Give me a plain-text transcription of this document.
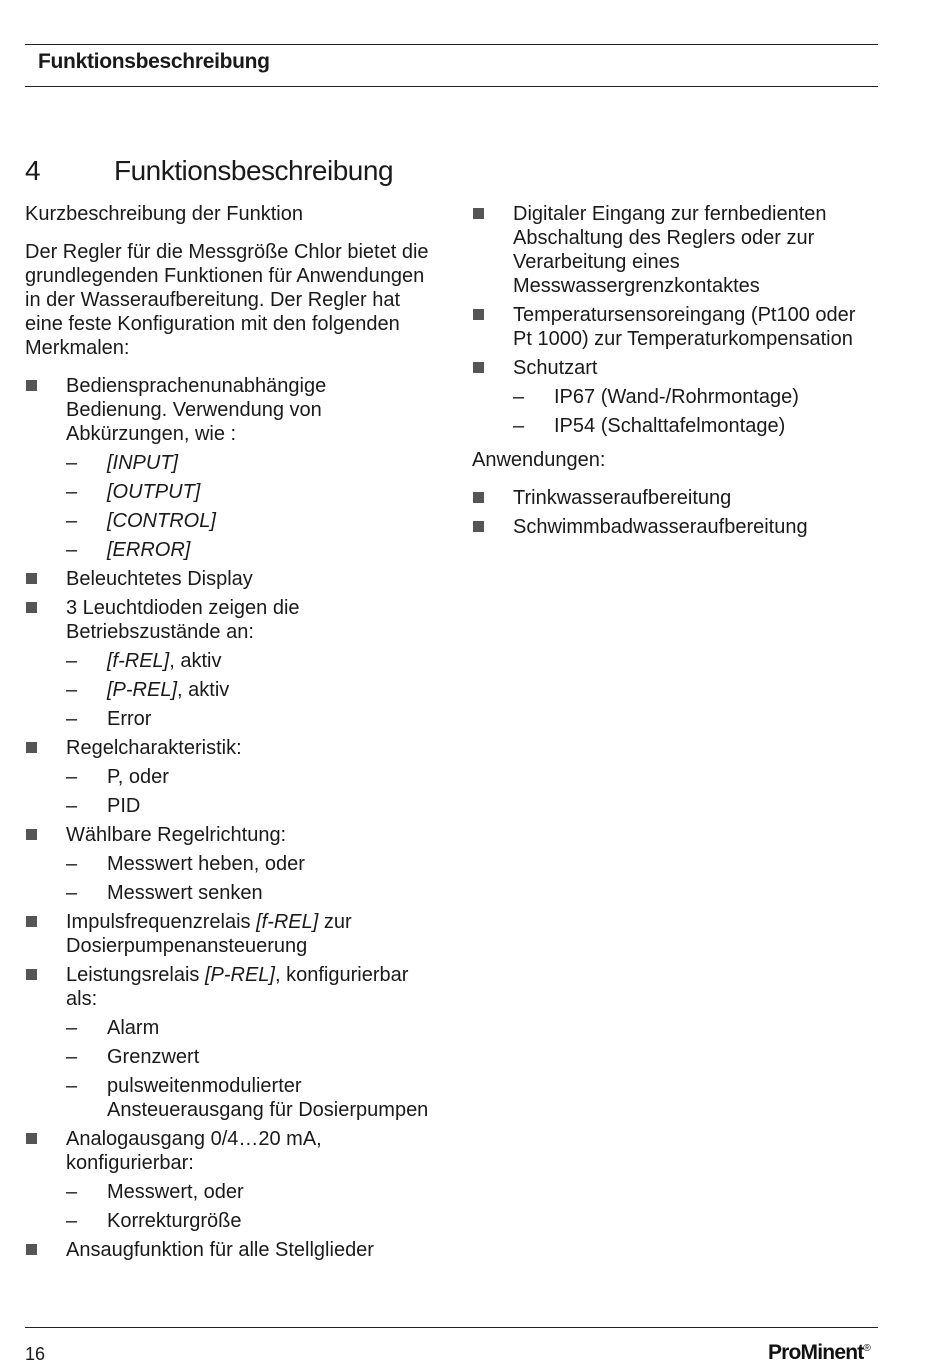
Funktionsbeschreibung
4	Funktionsbeschreibung
Kurzbeschreibung der Funktion
Der Regler für die Messgröße Chlor bietet die grundlegenden Funktionen für Anwendungen in der Wasseraufbereitung. Der Regler hat eine feste Konfiguration mit den folgenden Merkmalen:
Bediensprachenunabhängige Bedienung. Verwendung von Abkürzungen, wie :
– [INPUT]
– [OUTPUT]
– [CONTROL]
– [ERROR]
Beleuchtetes Display
3 Leuchtdioden zeigen die Betriebszustände an:
– [f-REL], aktiv
– [P-REL], aktiv
– Error
Regelcharakteristik:
– P, oder
– PID
Wählbare Regelrichtung:
– Messwert heben, oder
– Messwert senken
Impulsfrequenzrelais [f-REL] zur Dosierpumpenansteuerung
Leistungsrelais [P-REL], konfigurierbar als:
– Alarm
– Grenzwert
– pulsweitenmodulierter Ansteuerausgang für Dosierpumpen
Analogausgang 0/4…20 mA, konfigurierbar:
– Messwert, oder
– Korrekturgröße
Ansaugfunktion für alle Stellglieder
Digitaler Eingang zur fernbedienten Abschaltung des Reglers oder zur Verarbeitung eines Messwassergrenzkontaktes
Temperatursensoreingang (Pt100 oder Pt 1000) zur Temperaturkompensation
Schutzart
– IP67 (Wand-/Rohrmontage)
– IP54 (Schalttafelmontage)
Anwendungen:
Trinkwasseraufbereitung
Schwimmbadwasseraufbereitung
16	ProMinent®
